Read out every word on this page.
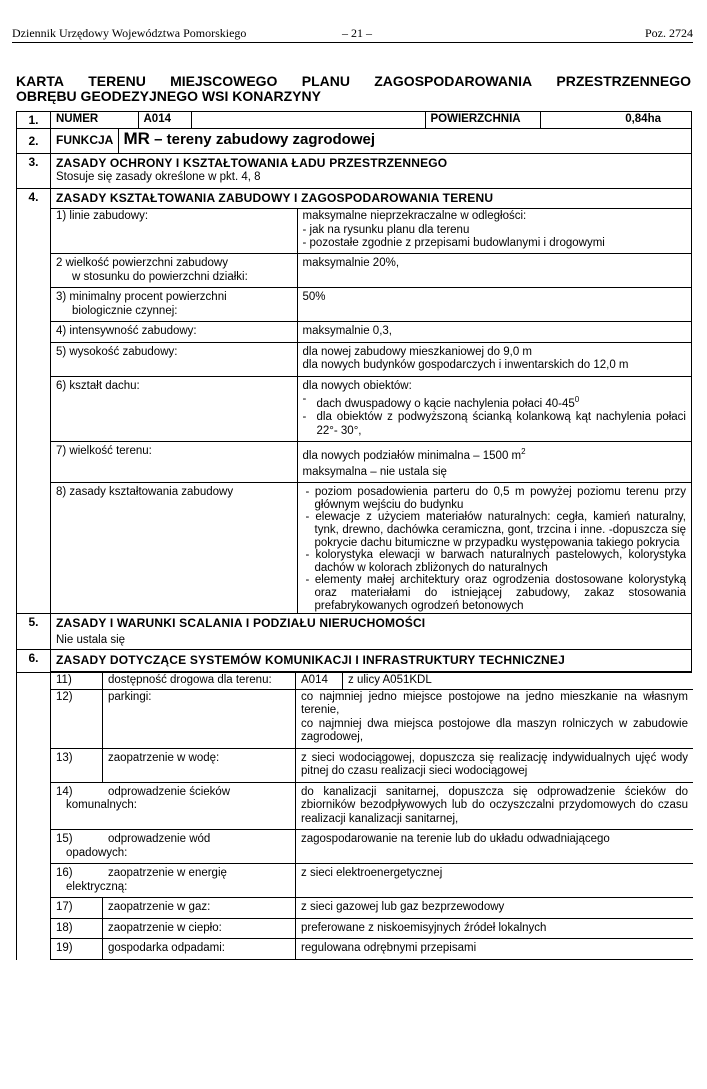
Dziennik Urzędowy Województwa Pomorskiego	– 21 –	Poz. 2724
KARTA TERENU MIEJSCOWEGO PLANU ZAGOSPODAROWANIA PRZESTRZENNEGO
OBRĘBU GEODEZYJNEGO WSI KONARZYNY
1.	NUMER	A014		POWIERZCHNIA	0,84ha

2.	FUNKCJA	MR – tereny zabudowy zagrodowej

3.	ZASADY OCHRONY I KSZTAŁTOWANIA ŁADU PRZESTRZENNEGO
Stosuje się zasady określone w pkt. 4, 8

4.	ZASADY KSZTAŁTOWANIA ZABUDOWY I ZAGOSPODAROWANIA TERENU
1) linie zabudowy:	maksymalne nieprzekraczalne w odległości:
- jak na rysunku planu dla terenu
- pozostałe zgodnie z przepisami budowlanymi i drogowymi

2 wielkość powierzchni zabudowy
w stosunku do powierzchni działki:
	maksymalnie 20%,

3) minimalny procent powierzchni
biologicznie czynnej:
	50%
4) intensywność zabudowy:	maksymalnie 0,3,
5) wysokość zabudowy:	dla nowej zabudowy mieszkaniowej do 9,0 m
dla nowych budynków gospodarczych i inwentarskich do 12,0 m

6) kształt dachu:	dla nowych obiektów:
- dach dwuspadowy o kącie nachylenia połaci $40-45^0$
- dla obiektów z podwyższoną ścianką kolankową kąt nachylenia połaci 22°- 30°,

7) wielkość terenu:	dla nowych podziałów minimalna – 1500 $m^2$
maksymalna – nie ustala się

8) zasady kształtowania zabudowy	- poziom posadowienia parteru do 0,5 m powyżej poziomu terenu przy głównym wejściu do budynku
- elewacje z użyciem materiałów naturalnych: cegła, kamień naturalny, tynk, drewno, dachówka ceramiczna, gont, trzcina i inne. -dopuszcza się pokrycie dachu bitumiczne w przypadku występowania takiego pokrycia
- kolorystyka elewacji w barwach naturalnych pastelowych, kolorystyka dachów w kolorach zbliżonych do naturalnych
- elementy małej architektury oraz ogrodzenia dostosowane kolorystyką oraz materiałami do istniejącej zabudowy, zakaz stosowania prefabrykowanych ogrodzeń betonowych

5.	ZASADY I WARUNKI SCALANIA I PODZIAŁU NIERUCHOMOŚCI
Nie ustala się

6.	ZASADY DOTYCZĄCE SYSTEMÓW KOMUNIKACJI I INFRASTRUKTURY TECHNICZNEJ

11)	dostępność drogowa dla terenu:	A014	z ulicy A051KDL
12)	parkingi:	co najmniej jedno miejsce postojowe na jedno mieszkanie na własnym terenie,
co najmniej dwa miejsca postojowe dla maszyn rolniczych w zabudowie zagrodowej,

13)	zaopatrzenie w wodę:	z sieci wodociągowej, dopuszcza się realizację indywidualnych ujęć wody pitnej do czasu realizacji sieci wodociągowej

14)	odprowadzenie ścieków
komunalnych:
	do kanalizacji sanitarnej, dopuszcza się odprowadzenie ścieków do zbiorników bezodpływowych lub do oczyszczalni przydomowych do czasu realizacji kanalizacji sanitarnej,

15)	odprowadzenie wód
opadowych:
	zagospodarowanie na terenie lub do układu odwadniającego

16)	zaopatrzenie w energię
elektryczną:
	z sieci elektroenergetycznej
17)	zaopatrzenie w gaz:	z sieci gazowej lub gaz bezprzewodowy
18)	zaopatrzenie w ciepło:	preferowane z niskoemisyjnych źródeł lokalnych
19)	gospodarka odpadami:	regulowana odrębnymi przepisami
